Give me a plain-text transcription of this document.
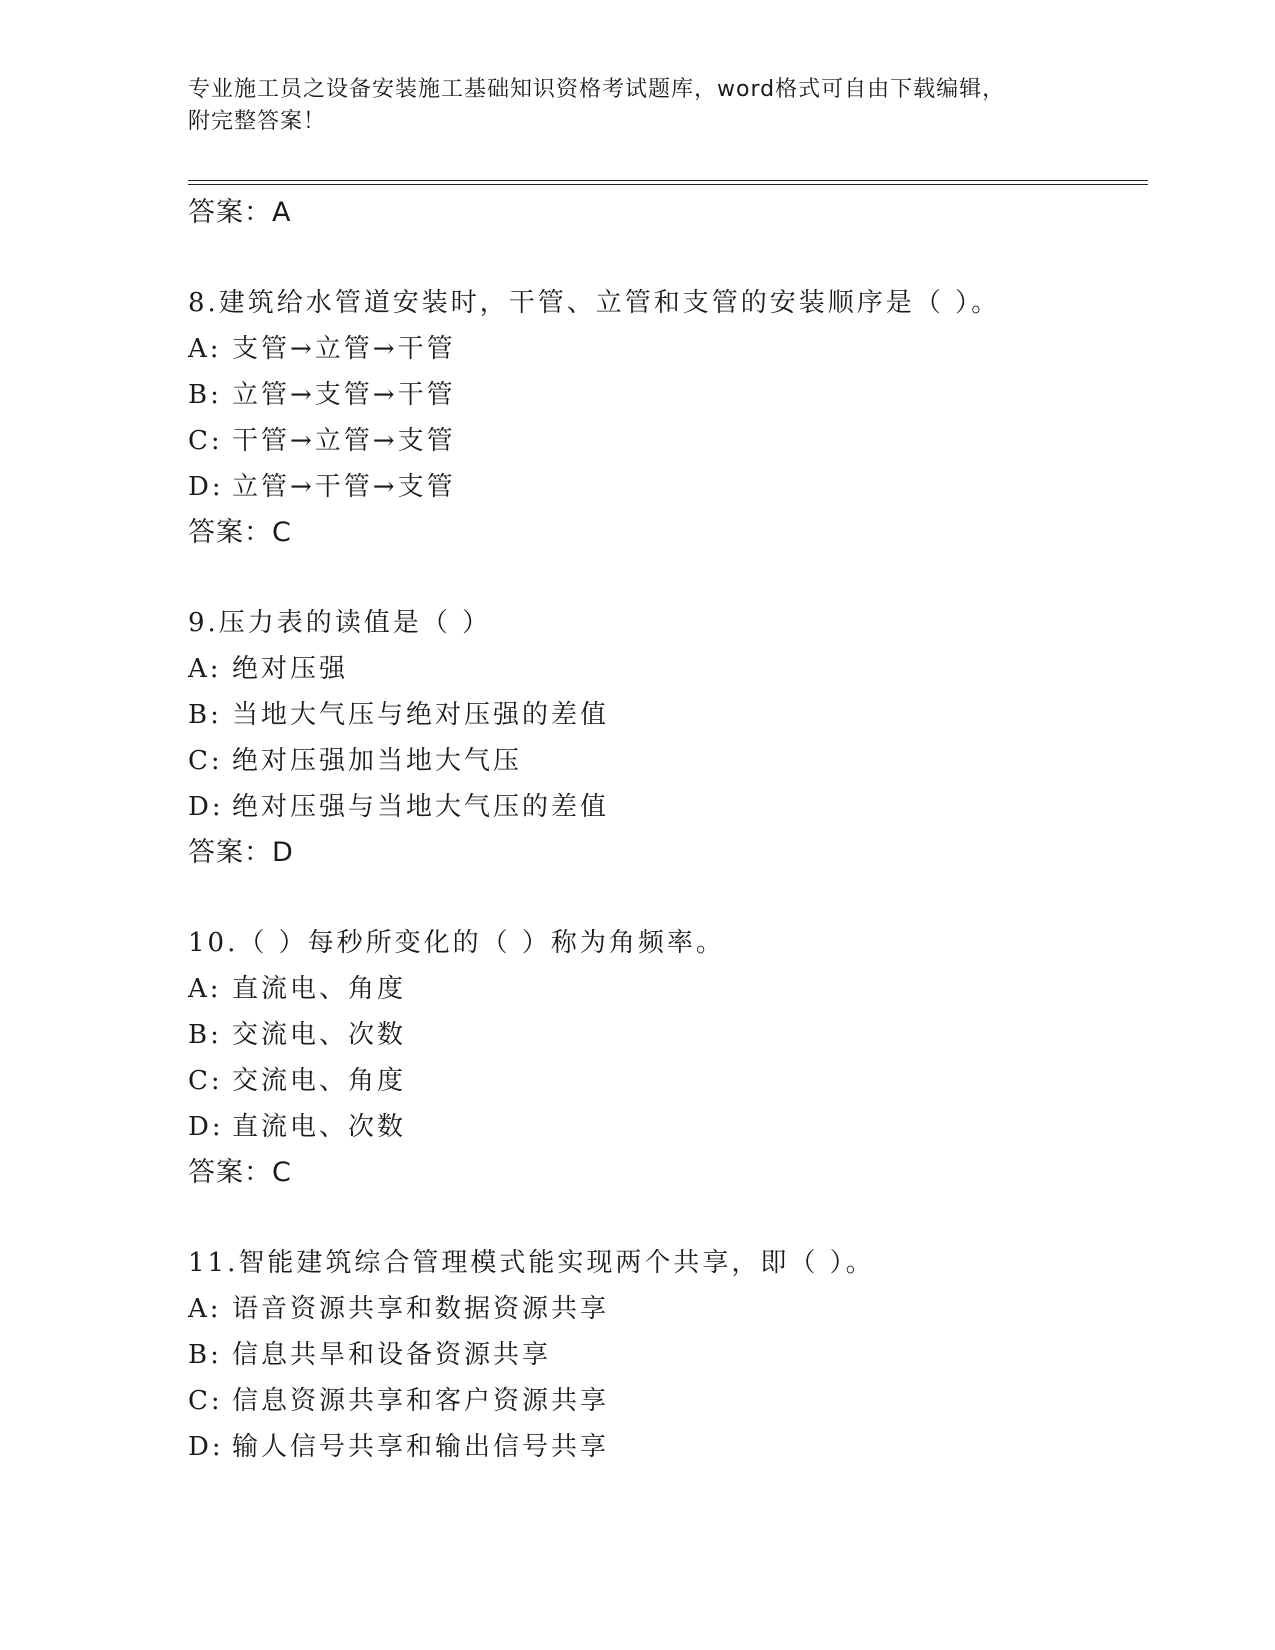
专业施工员之设备安装施工基础知识资格考试题库，word格式可自由下载编辑，
附完整答案！
答案：A
8.建筑给水管道安装时，干管、立管和支管的安装顺序是（ ）。
A: 支管→立管→干管
B: 立管→支管→干管
C: 干管→立管→支管
D: 立管→干管→支管
答案：C
9.压力表的读值是（ ）
A: 绝对压强
B: 当地大气压与绝对压强的差值
C: 绝对压强加当地大气压
D: 绝对压强与当地大气压的差值
答案：D
10.（ ）每秒所变化的（ ）称为角频率。
A: 直流电、角度
B: 交流电、次数
C: 交流电、角度
D: 直流电、次数
答案：C
11.智能建筑综合管理模式能实现两个共享，即（ ）。
A: 语音资源共享和数据资源共享
B: 信息共旱和设备资源共享
C: 信息资源共享和客户资源共享
D: 输人信号共享和输出信号共享
